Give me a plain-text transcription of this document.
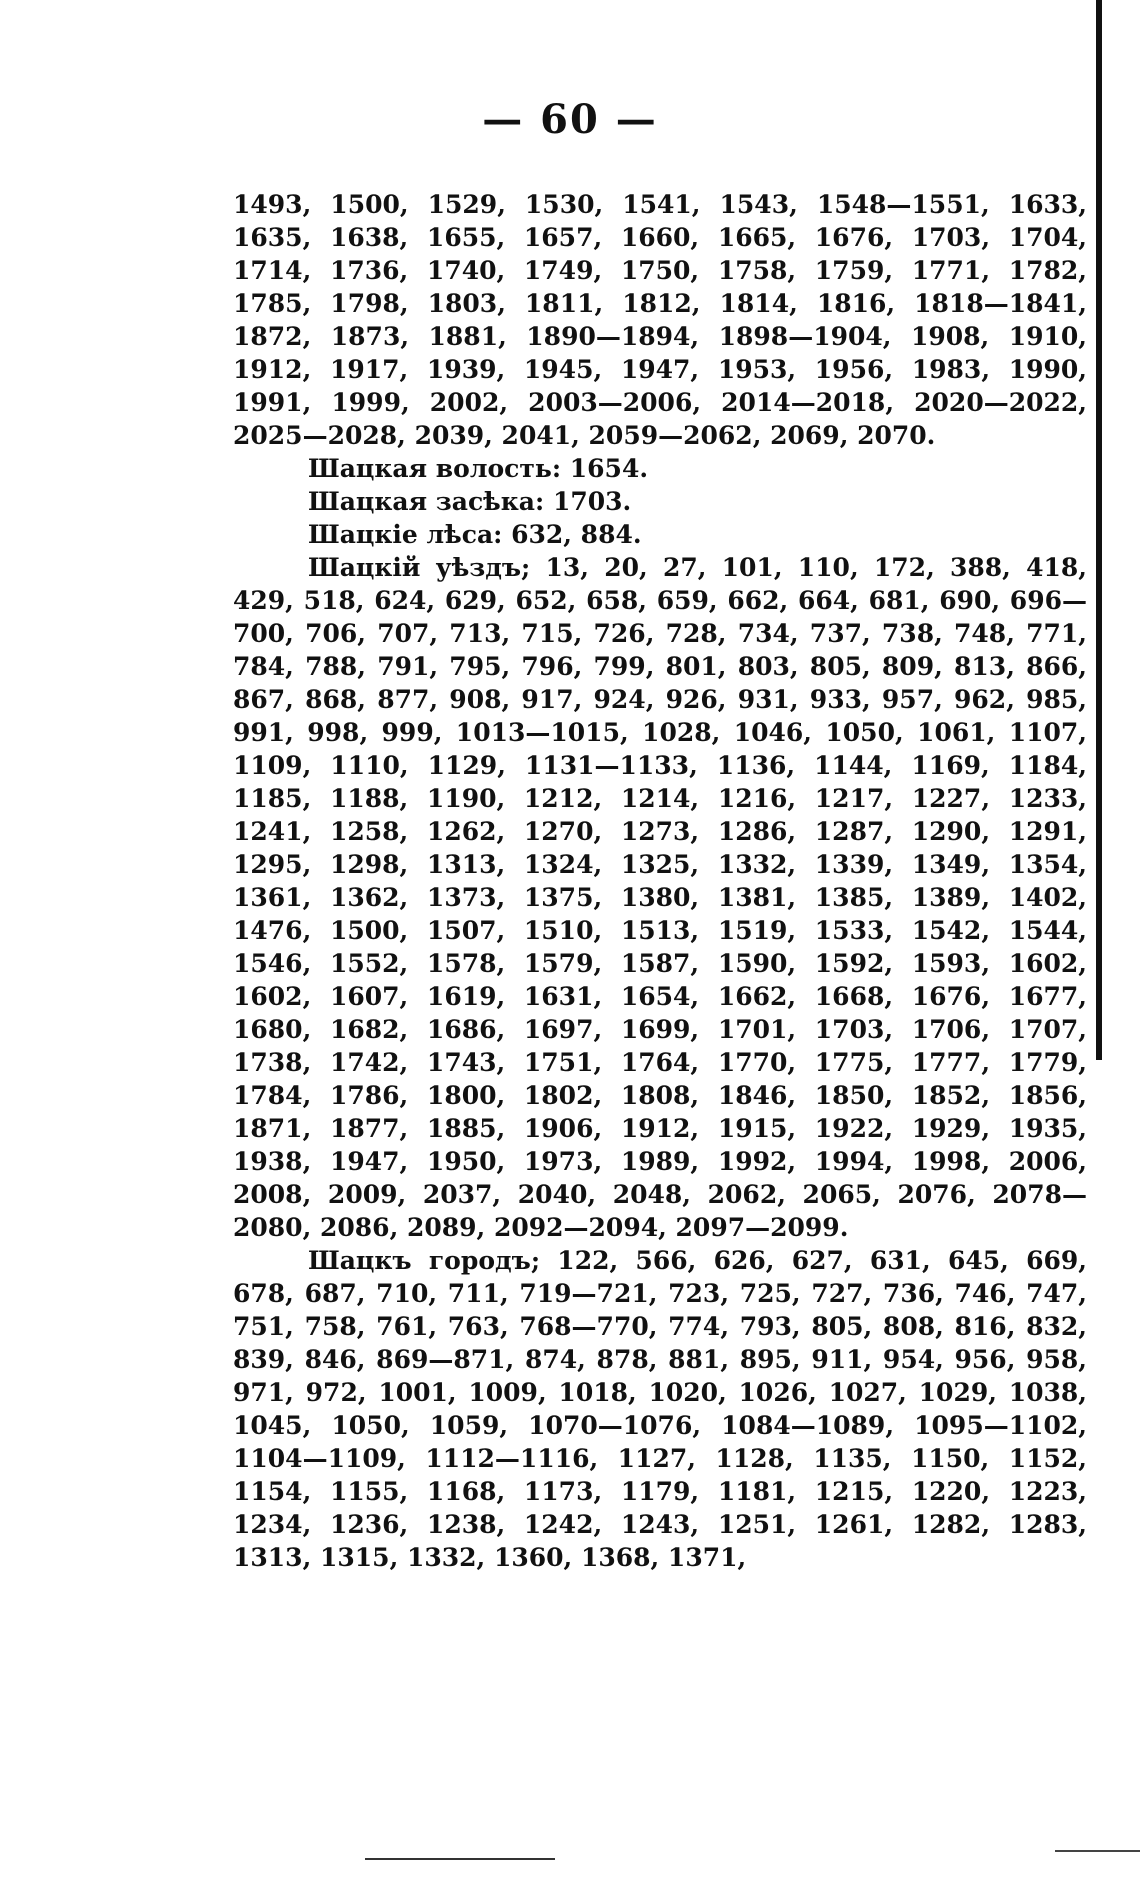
— 60 —

1493, 1500, 1529, 1530, 1541, 1543, 1548—1551, 1633, 1635, 1638, 1655, 1657, 1660, 1665, 1676, 1703, 1704, 1714, 1736, 1740, 1749, 1750, 1758, 1759, 1771, 1782, 1785, 1798, 1803, 1811, 1812, 1814, 1816, 1818—1841, 1872, 1873, 1881, 1890—1894, 1898—1904, 1908, 1910, 1912, 1917, 1939, 1945, 1947, 1953, 1956, 1983, 1990, 1991, 1999, 2002, 2003—2006, 2014—2018, 2020—2022, 2025—2028, 2039, 2041, 2059—2062, 2069, 2070.

Шацкая волость: 1654.

Шацкая засѣка: 1703.

Шацкіе лѣса: 632, 884.

Шацкій уѣздъ; 13, 20, 27, 101, 110, 172, 388, 418, 429, 518, 624, 629, 652, 658, 659, 662, 664, 681, 690, 696—700, 706, 707, 713, 715, 726, 728, 734, 737, 738, 748, 771, 784, 788, 791, 795, 796, 799, 801, 803, 805, 809, 813, 866, 867, 868, 877, 908, 917, 924, 926, 931, 933, 957, 962, 985, 991, 998, 999, 1013—1015, 1028, 1046, 1050, 1061, 1107, 1109, 1110, 1129, 1131—1133, 1136, 1144, 1169, 1184, 1185, 1188, 1190, 1212, 1214, 1216, 1217, 1227, 1233, 1241, 1258, 1262, 1270, 1273, 1286, 1287, 1290, 1291, 1295, 1298, 1313, 1324, 1325, 1332, 1339, 1349, 1354, 1361, 1362, 1373, 1375, 1380, 1381, 1385, 1389, 1402, 1476, 1500, 1507, 1510, 1513, 1519, 1533, 1542, 1544, 1546, 1552, 1578, 1579, 1587, 1590, 1592, 1593, 1602, 1602, 1607, 1619, 1631, 1654, 1662, 1668, 1676, 1677, 1680, 1682, 1686, 1697, 1699, 1701, 1703, 1706, 1707, 1738, 1742, 1743, 1751, 1764, 1770, 1775, 1777, 1779, 1784, 1786, 1800, 1802, 1808, 1846, 1850, 1852, 1856, 1871, 1877, 1885, 1906, 1912, 1915, 1922, 1929, 1935, 1938, 1947, 1950, 1973, 1989, 1992, 1994, 1998, 2006, 2008, 2009, 2037, 2040, 2048, 2062, 2065, 2076, 2078—2080, 2086, 2089, 2092—2094, 2097—2099.

Шацкъ городъ; 122, 566, 626, 627, 631, 645, 669, 678, 687, 710, 711, 719—721, 723, 725, 727, 736, 746, 747, 751, 758, 761, 763, 768—770, 774, 793, 805, 808, 816, 832, 839, 846, 869—871, 874, 878, 881, 895, 911, 954, 956, 958, 971, 972, 1001, 1009, 1018, 1020, 1026, 1027, 1029, 1038, 1045, 1050, 1059, 1070—1076, 1084—1089, 1095—1102, 1104—1109, 1112—1116, 1127, 1128, 1135, 1150, 1152, 1154, 1155, 1168, 1173, 1179, 1181, 1215, 1220, 1223, 1234, 1236, 1238, 1242, 1243, 1251, 1261, 1282, 1283, 1313, 1315, 1332, 1360, 1368, 1371,
